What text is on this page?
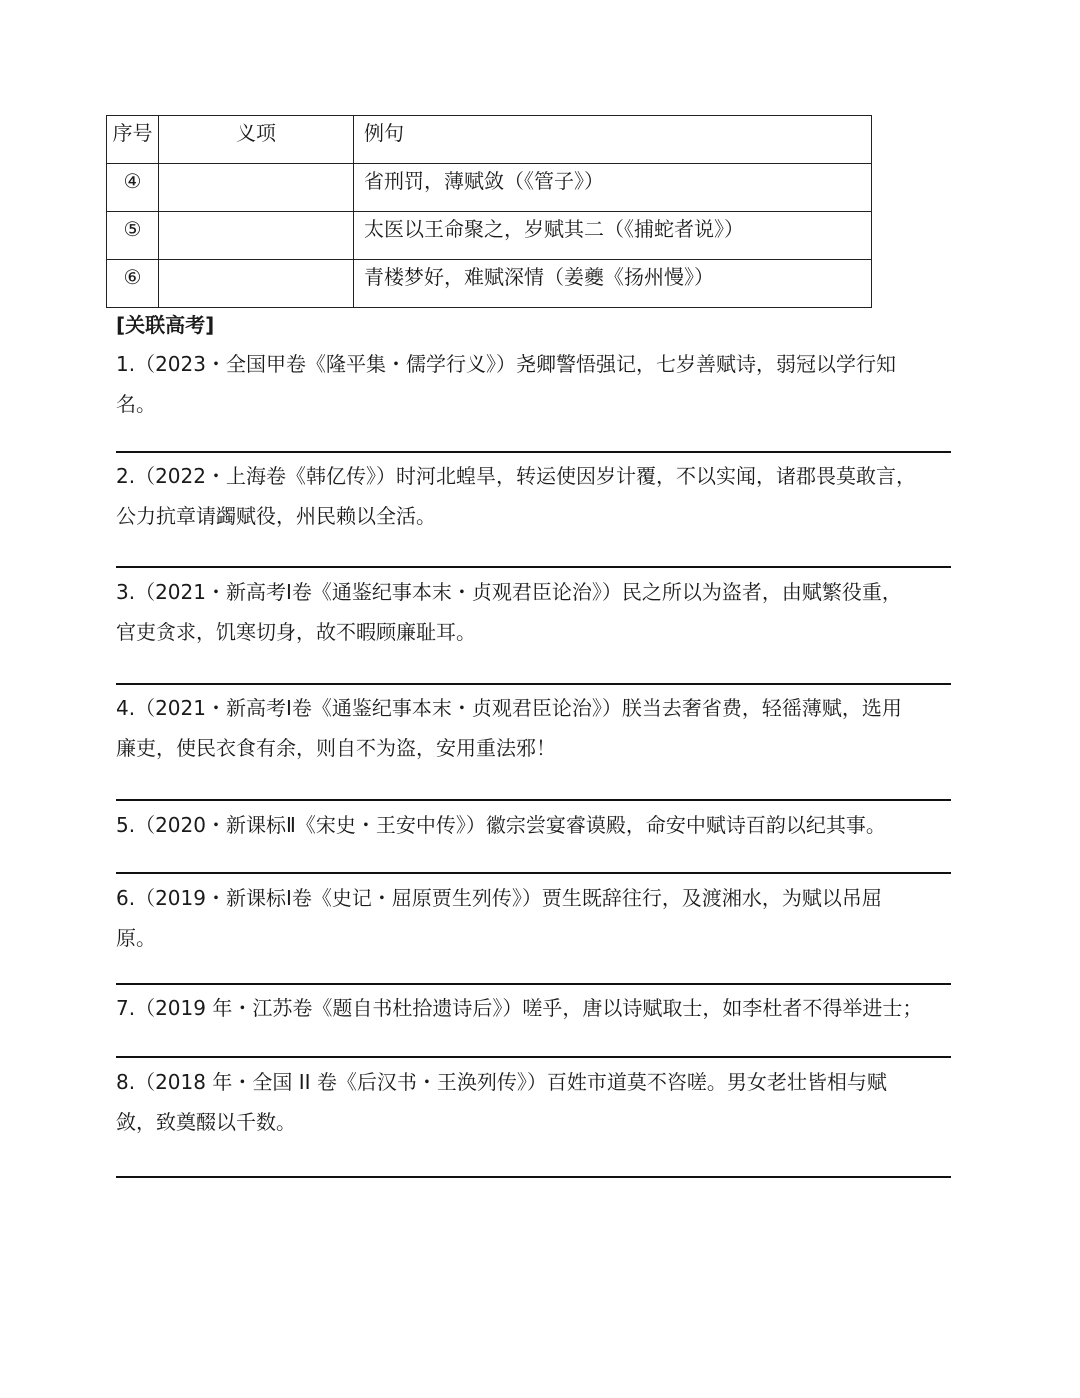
序号	义项	例句
④		省刑罚，薄赋敛（《管子》）
⑤		太医以王命聚之，岁赋其二（《捕蛇者说》）
⑥		青楼梦好，难赋深情（姜夔《扬州慢》）
[关联高考]
1.（2023・全国甲卷《隆平集・儒学行义》）尧卿警悟强记，七岁善赋诗，弱冠以学行知
名。
2.（2022・上海卷《韩亿传》）时河北蝗旱，转运使因岁计覆，不以实闻，诸郡畏莫敢言，
公力抗章请蠲赋役，州民赖以全活。
3.（2021・新高考Ⅰ卷《通鉴纪事本末・贞观君臣论治》）民之所以为盗者，由赋繁役重，
官吏贪求，饥寒切身，故不暇顾廉耻耳。
4.（2021・新高考Ⅰ卷《通鉴纪事本末・贞观君臣论治》）朕当去奢省费，轻徭薄赋，选用
廉吏，使民衣食有余，则自不为盗，安用重法邪！
5.（2020・新课标Ⅱ《宋史・王安中传》）徽宗尝宴睿谟殿，命安中赋诗百韵以纪其事。
6.（2019・新课标Ⅰ卷《史记・屈原贾生列传》）贾生既辞往行，及渡湘水，为赋以吊屈
原。
7.（2019 年・江苏卷《题自书杜拾遗诗后》）嗟乎，唐以诗赋取士，如李杜者不得举进士；
8.（2018 年・全国 II 卷《后汉书・王涣列传》）百姓市道莫不咨嗟。男女老壮皆相与赋
敛，致奠醊以千数。
